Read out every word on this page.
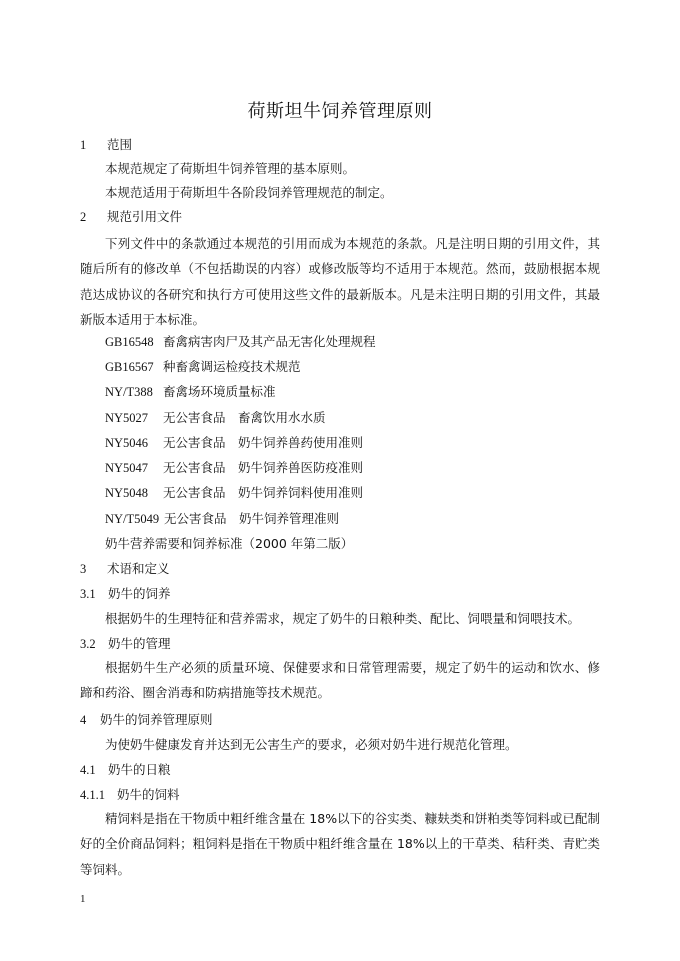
荷斯坦牛饲养管理原则
1 范围
本规范规定了荷斯坦牛饲养管理的基本原则。
本规范适用于荷斯坦牛各阶段饲养管理规范的制定。
2 规范引用文件

下列文件中的条款通过本规范的引用而成为本规范的条款。凡是注明日期的引用文件，其随后所有的修改单（不包括勘误的内容）或修改版等均不适用于本规范。然而，鼓励根据本规范达成协议的各研究和执行方可使用这些文件的最新版本。凡是未注明日期的引用文件，其最新版本适用于本标准。

GB16548 畜禽病害肉尸及其产品无害化处理规程
GB16567 种畜禽调运检疫技术规范
NY/T388 畜禽场环境质量标准
NY5027 无公害食品　畜禽饮用水水质
NY5046 无公害食品　奶牛饲养兽药使用准则
NY5047 无公害食品　奶牛饲养兽医防疫准则
NY5048 无公害食品　奶牛饲养饲料使用准则
NY/T5049 无公害食品　奶牛饲养管理准则
奶牛营养需要和饲养标准（2000 年第二版）
3 术语和定义
3.1 奶牛的饲养
根据奶牛的生理特征和营养需求，规定了奶牛的日粮种类、配比、饲喂量和饲喂技术。
3.2 奶牛的管理

根据奶牛生产必须的质量环境、保健要求和日常管理需要，规定了奶牛的运动和饮水、修蹄和药浴、圈舍消毒和防病措施等技术规范。

4 奶牛的饲养管理原则
为使奶牛健康发育并达到无公害生产的要求，必须对奶牛进行规范化管理。
4.1 奶牛的日粮
4.1.1 奶牛的饲料

精饲料是指在干物质中粗纤维含量在 18%以下的谷实类、糠麸类和饼粕类等饲料或已配制好的全价商品饲料；粗饲料是指在干物质中粗纤维含量在 18%以上的干草类、秸秆类、青贮类等饲料。

1
